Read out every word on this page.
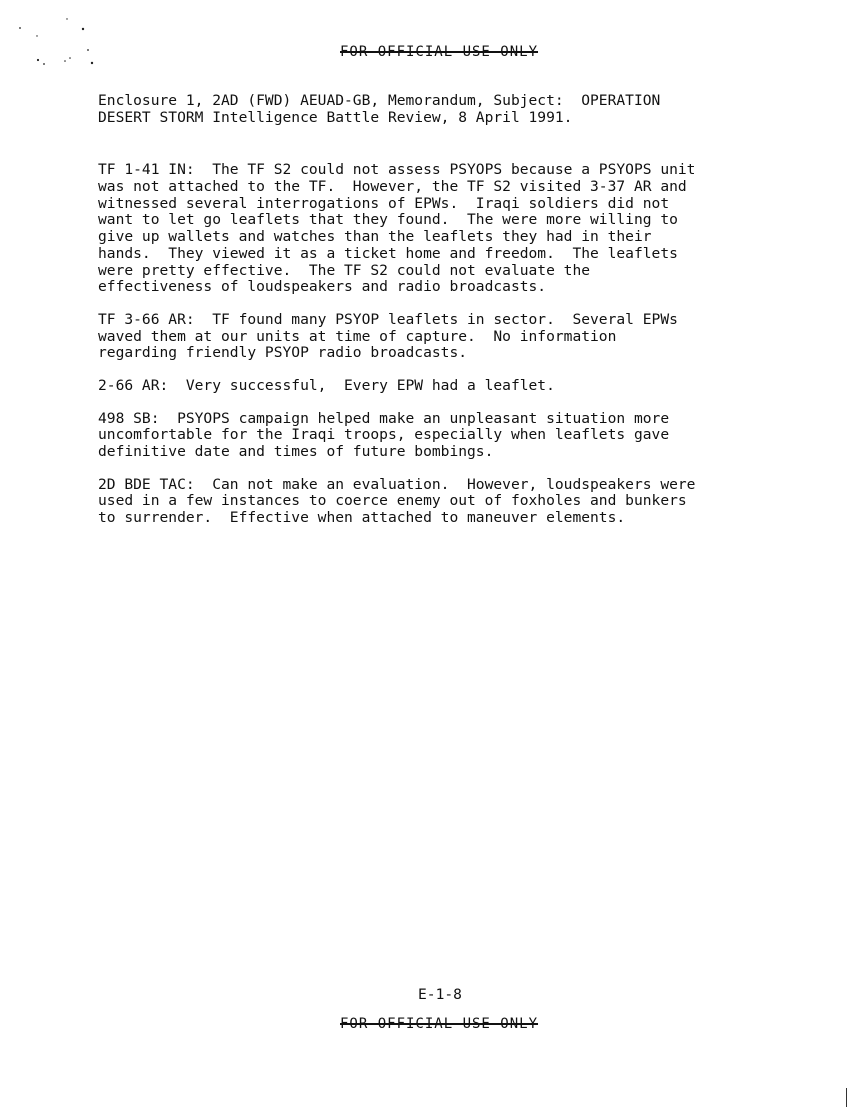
FOR OFFICIAL USE ONLY
Enclosure 1, 2AD (FWD) AEUAD-GB, Memorandum, Subject:  OPERATION
DESERT STORM Intelligence Battle Review, 8 April 1991.
TF 1-41 IN:  The TF S2 could not assess PSYOPS because a PSYOPS unit
was not attached to the TF.  However, the TF S2 visited 3-37 AR and
witnessed several interrogations of EPWs.  Iraqi soldiers did not
want to let go leaflets that they found.  The were more willing to
give up wallets and watches than the leaflets they had in their
hands.  They viewed it as a ticket home and freedom.  The leaflets
were pretty effective.  The TF S2 could not evaluate the
effectiveness of loudspeakers and radio broadcasts.
TF 3-66 AR:  TF found many PSYOP leaflets in sector.  Several EPWs
waved them at our units at time of capture.  No information
regarding friendly PSYOP radio broadcasts.
2-66 AR:  Very successful,  Every EPW had a leaflet.
498 SB:  PSYOPS campaign helped make an unpleasant situation more
uncomfortable for the Iraqi troops, especially when leaflets gave
definitive date and times of future bombings.
2D BDE TAC:  Can not make an evaluation.  However, loudspeakers were
used in a few instances to coerce enemy out of foxholes and bunkers
to surrender.  Effective when attached to maneuver elements.
E-1-8
FOR OFFICIAL USE ONLY
